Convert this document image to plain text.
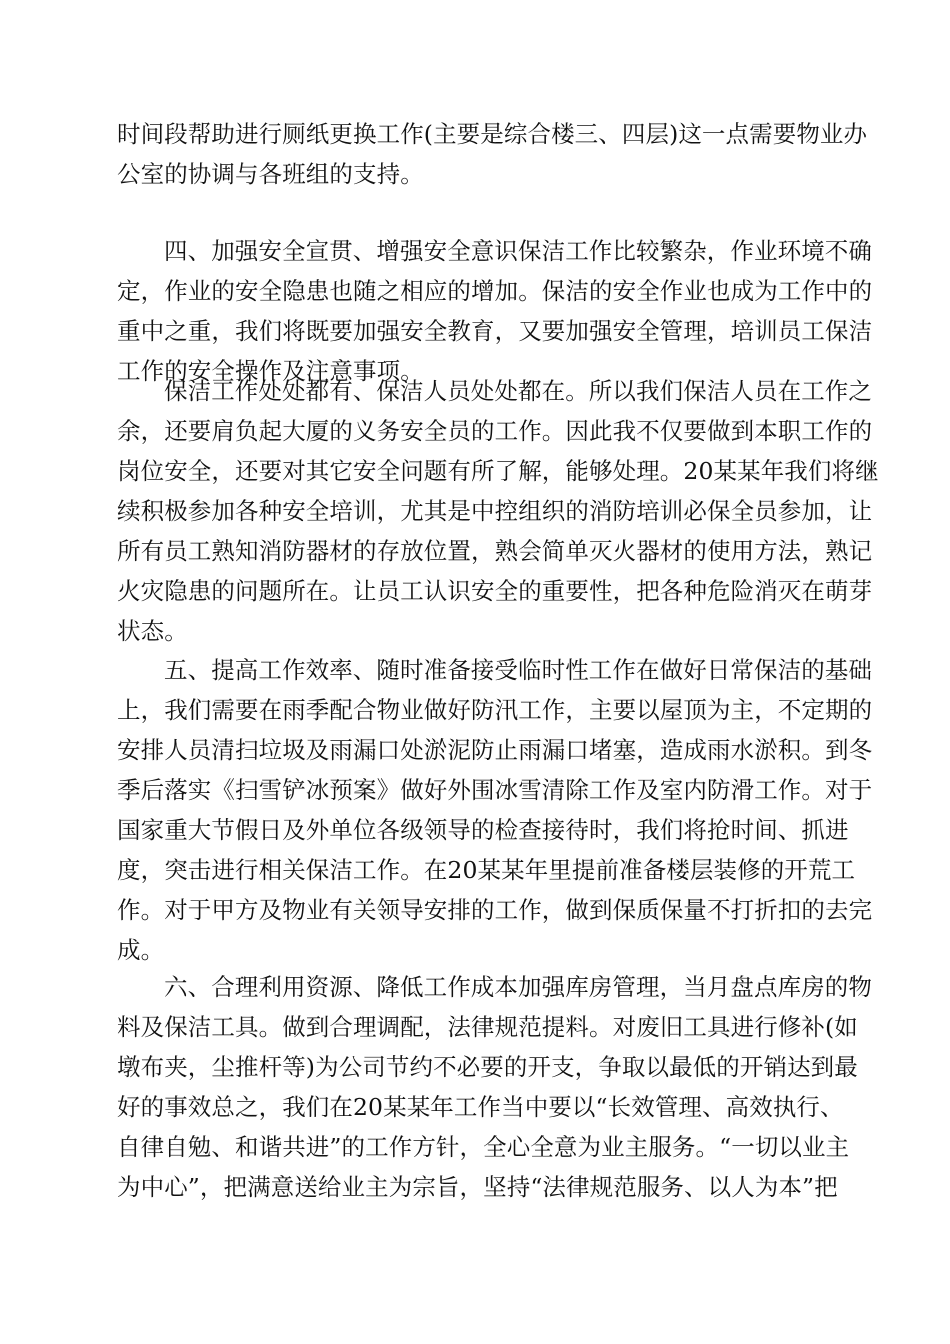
时间段帮助进行厕纸更换工作(主要是综合楼三、四层)这一点需要物业办
公室的协调与各班组的支持。
四、加强安全宣贯、增强安全意识保洁工作比较繁杂，作业环境不确
定，作业的安全隐患也随之相应的增加。保洁的安全作业也成为工作中的
重中之重，我们将既要加强安全教育，又要加强安全管理，培训员工保洁
工作的安全操作及注意事项。
保洁工作处处都有、保洁人员处处都在。所以我们保洁人员在工作之
余，还要肩负起大厦的义务安全员的工作。因此我不仅要做到本职工作的
岗位安全，还要对其它安全问题有所了解，能够处理。20某某年我们将继
续积极参加各种安全培训，尤其是中控组织的消防培训必保全员参加，让
所有员工熟知消防器材的存放位置，熟会简单灭火器材的使用方法，熟记
火灾隐患的问题所在。让员工认识安全的重要性，把各种危险消灭在萌芽
状态。
五、提高工作效率、随时准备接受临时性工作在做好日常保洁的基础
上，我们需要在雨季配合物业做好防汛工作，主要以屋顶为主，不定期的
安排人员清扫垃圾及雨漏口处淤泥防止雨漏口堵塞，造成雨水淤积。到冬
季后落实《扫雪铲冰预案》做好外围冰雪清除工作及室内防滑工作。对于
国家重大节假日及外单位各级领导的检查接待时，我们将抢时间、抓进
度，突击进行相关保洁工作。在20某某年里提前准备楼层装修的开荒工
作。对于甲方及物业有关领导安排的工作，做到保质保量不打折扣的去完
成。
六、合理利用资源、降低工作成本加强库房管理，当月盘点库房的物
料及保洁工具。做到合理调配，法律规范提料。对废旧工具进行修补(如
墩布夹，尘推杆等)为公司节约不必要的开支，争取以最低的开销达到最
好的事效总之，我们在20某某年工作当中要以“长效管理、高效执行、
自律自勉、和谐共进”的工作方针，全心全意为业主服务。“一切以业主
为中心”，把满意送给业主为宗旨，坚持“法律规范服务、以人为本”把
